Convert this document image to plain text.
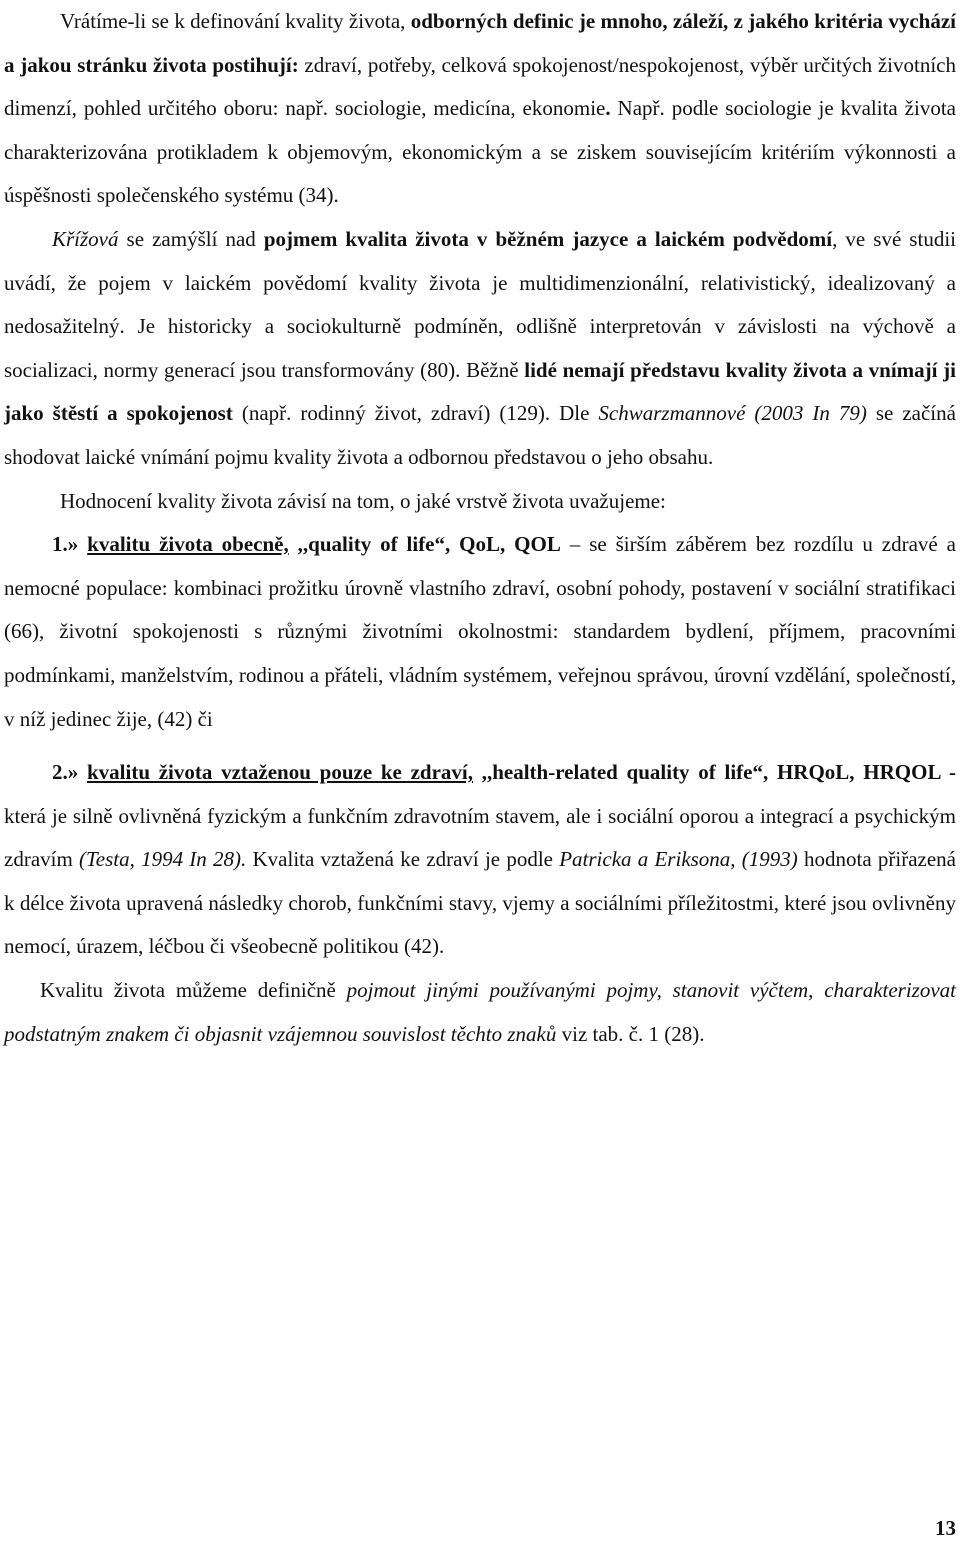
Vrátíme-li se k definování kvality života, odborných definic je mnoho, záleží, z jakého kritéria vychází a jakou stránku života postihují: zdraví, potřeby, celková spokojenost/nespokojenost, výběr určitých životních dimenzí, pohled určitého oboru: např. sociologie, medicína, ekonomie. Např. podle sociologie je kvalita života charakterizována protikladem k objemovým, ekonomickým a se ziskem souvisejícím kritériím výkonnosti a úspěšnosti společenského systému (34).

Křížová se zamýšlí nad pojmem kvalita života v běžném jazyce a laickém podvědomí, ve své studii uvádí, že pojem v laickém povědomí kvality života je multidimenzionální, relativistický, idealizovaný a nedosažitelný. Je historicky a sociokulturně podmíněn, odlišně interpretován v závislosti na výchově a socializaci, normy generací jsou transformovány (80). Běžně lidé nemají představu kvality života a vnímají ji jako štěstí a spokojenost (např. rodinný život, zdraví) (129). Dle Schwarzmannové (2003 In 79) se začíná shodovat laické vnímání pojmu kvality života a odbornou představou o jeho obsahu.

Hodnocení kvality života závisí na tom, o jaké vrstvě života uvažujeme:

1.» kvalitu života obecně, ,,quality of life“, QoL, QOL – se širším záběrem bez rozdílu u zdravé a nemocné populace: kombinaci prožitku úrovně vlastního zdraví, osobní pohody, postavení v sociální stratifikaci (66), životní spokojenosti s různými životními okolnostmi: standardem bydlení, příjmem, pracovními podmínkami, manželstvím, rodinou a přáteli, vládním systémem, veřejnou správou, úrovní vzdělání, společností, v níž jedinec žije, (42) či

2.» kvalitu života vztaženou pouze ke zdraví, ,,health-related quality of life“, HRQoL, HRQOL - která je silně ovlivněná fyzickým a funkčním zdravotním stavem, ale i sociální oporou a integrací a psychickým zdravím (Testa, 1994 In 28). Kvalita vztažená ke zdraví je podle Patricka a Eriksona, (1993) hodnota přiřazená k délce života upravená následky chorob, funkčními stavy, vjemy a sociálními příležitostmi, které jsou ovlivněny nemocí, úrazem, léčbou či všeobecně politikou (42).

Kvalitu života můžeme definičně pojmout jinými používanými pojmy, stanovit výčtem, charakterizovat podstatným znakem či objasnit vzájemnou souvislost těchto znaků viz tab. č. 1 (28).

13
